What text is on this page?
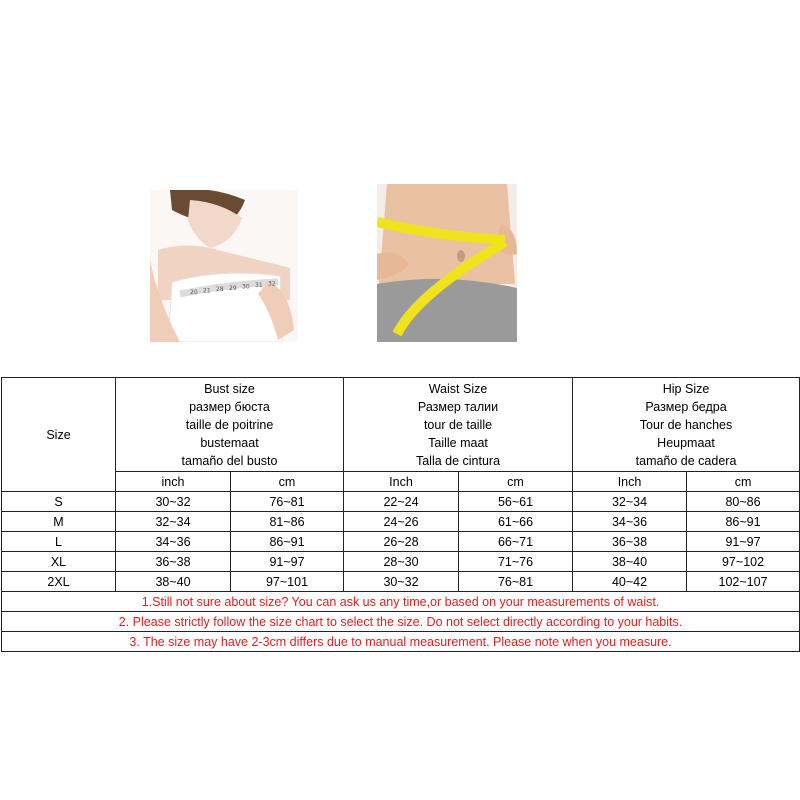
20 21 28 29 30 31 32
Size	Bust size
размер бюста
taille de poitrine
bustemaat
tamaño del busto		Waist Size
Размер талии
tour de taille
Taille maat
Talla de cintura		Hip Size
Размер бедра
Tour de hanches
Heupmaat
tamaño de cadera	

	inch	cm	Inch	cm	Inch	cm
S	30~32	76~81	22~24	56~61	32~34	80~86
M	32~34	81~86	24~26	61~66	34~36	86~91
L	34~36	86~91	26~28	66~71	36~38	91~97
XL	36~38	91~97	28~30	71~76	38~40	97~102
2XL	38~40	97~101	30~32	76~81	40~42	102~107
1.Still not sure about size? You can ask us any time,or based on your measurements of waist.						
2. Please strictly follow the size chart to select the size. Do not select directly according to your habits.						
3. The size may have 2-3cm differs due to manual measurement. Please note when you measure.						
